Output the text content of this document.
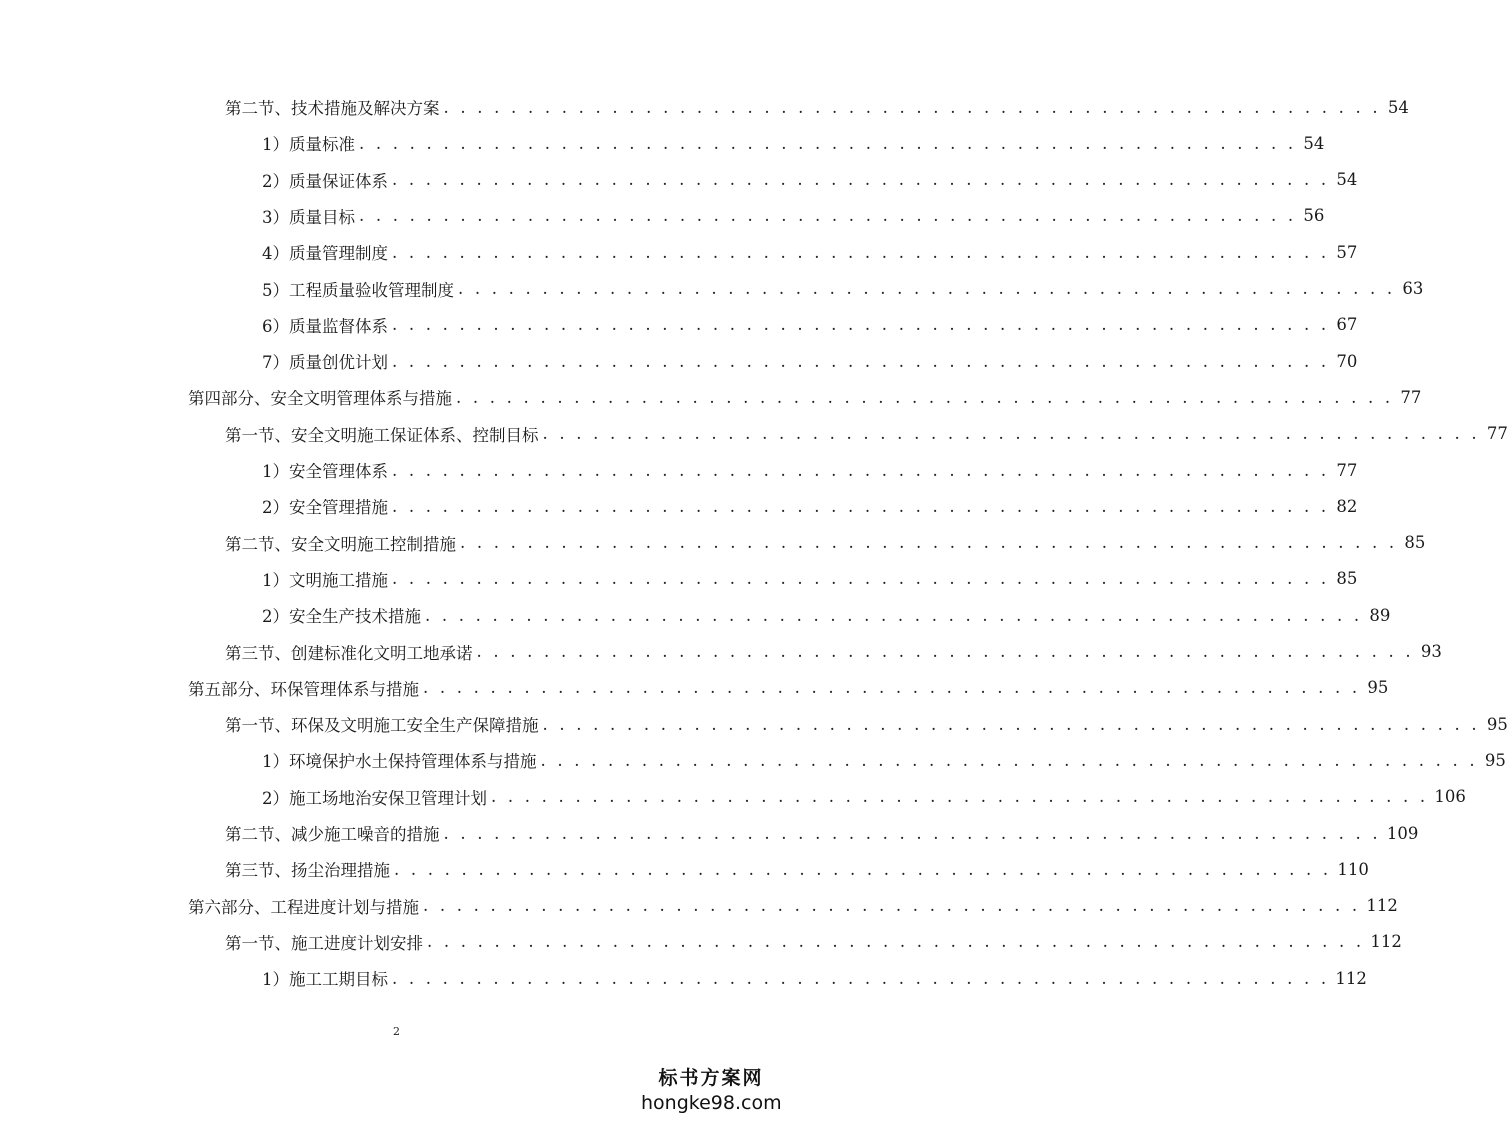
第二节、技术措施及解决方案 . . . . . . . . . . . . . . . . . . . . . . . . . . . . . . . . . . . . . . . . . . . . . . . . . . . . . . . . 54
1）质量标准 . . . . . . . . . . . . . . . . . . . . . . . . . . . . . . . . . . . . . . . . . . . . . . . . . . . . . . . . 54
2）质量保证体系 . . . . . . . . . . . . . . . . . . . . . . . . . . . . . . . . . . . . . . . . . . . . . . . . . . . . . . . . 54
3）质量目标 . . . . . . . . . . . . . . . . . . . . . . . . . . . . . . . . . . . . . . . . . . . . . . . . . . . . . . . . 56
4）质量管理制度 . . . . . . . . . . . . . . . . . . . . . . . . . . . . . . . . . . . . . . . . . . . . . . . . . . . . . . . . 57
5）工程质量验收管理制度 . . . . . . . . . . . . . . . . . . . . . . . . . . . . . . . . . . . . . . . . . . . . . . . . . . . . . . . . 63
6）质量监督体系 . . . . . . . . . . . . . . . . . . . . . . . . . . . . . . . . . . . . . . . . . . . . . . . . . . . . . . . . 67
7）质量创优计划 . . . . . . . . . . . . . . . . . . . . . . . . . . . . . . . . . . . . . . . . . . . . . . . . . . . . . . . . 70
第四部分、安全文明管理体系与措施 . . . . . . . . . . . . . . . . . . . . . . . . . . . . . . . . . . . . . . . . . . . . . . . . . . . . . . . . 77
第一节、安全文明施工保证体系、控制目标 . . . . . . . . . . . . . . . . . . . . . . . . . . . . . . . . . . . . . . . . . . . . . . . . . . . . . . . . 77
1）安全管理体系 . . . . . . . . . . . . . . . . . . . . . . . . . . . . . . . . . . . . . . . . . . . . . . . . . . . . . . . . 77
2）安全管理措施 . . . . . . . . . . . . . . . . . . . . . . . . . . . . . . . . . . . . . . . . . . . . . . . . . . . . . . . . 82
第二节、安全文明施工控制措施 . . . . . . . . . . . . . . . . . . . . . . . . . . . . . . . . . . . . . . . . . . . . . . . . . . . . . . . . 85
1）文明施工措施 . . . . . . . . . . . . . . . . . . . . . . . . . . . . . . . . . . . . . . . . . . . . . . . . . . . . . . . . 85
2）安全生产技术措施 . . . . . . . . . . . . . . . . . . . . . . . . . . . . . . . . . . . . . . . . . . . . . . . . . . . . . . . . 89
第三节、创建标准化文明工地承诺 . . . . . . . . . . . . . . . . . . . . . . . . . . . . . . . . . . . . . . . . . . . . . . . . . . . . . . . . 93
第五部分、环保管理体系与措施 . . . . . . . . . . . . . . . . . . . . . . . . . . . . . . . . . . . . . . . . . . . . . . . . . . . . . . . . 95
第一节、环保及文明施工安全生产保障措施 . . . . . . . . . . . . . . . . . . . . . . . . . . . . . . . . . . . . . . . . . . . . . . . . . . . . . . . . 95
1）环境保护水土保持管理体系与措施 . . . . . . . . . . . . . . . . . . . . . . . . . . . . . . . . . . . . . . . . . . . . . . . . . . . . . . . . 95
2）施工场地治安保卫管理计划 . . . . . . . . . . . . . . . . . . . . . . . . . . . . . . . . . . . . . . . . . . . . . . . . . . . . . . . . 106
第二节、减少施工噪音的措施 . . . . . . . . . . . . . . . . . . . . . . . . . . . . . . . . . . . . . . . . . . . . . . . . . . . . . . . . 109
第三节、扬尘治理措施 . . . . . . . . . . . . . . . . . . . . . . . . . . . . . . . . . . . . . . . . . . . . . . . . . . . . . . . . 110
第六部分、工程进度计划与措施 . . . . . . . . . . . . . . . . . . . . . . . . . . . . . . . . . . . . . . . . . . . . . . . . . . . . . . . . 112
第一节、施工进度计划安排 . . . . . . . . . . . . . . . . . . . . . . . . . . . . . . . . . . . . . . . . . . . . . . . . . . . . . . . . 112
1）施工工期目标 . . . . . . . . . . . . . . . . . . . . . . . . . . . . . . . . . . . . . . . . . . . . . . . . . . . . . . . . 112
2
标书方案网
hongke98.com
